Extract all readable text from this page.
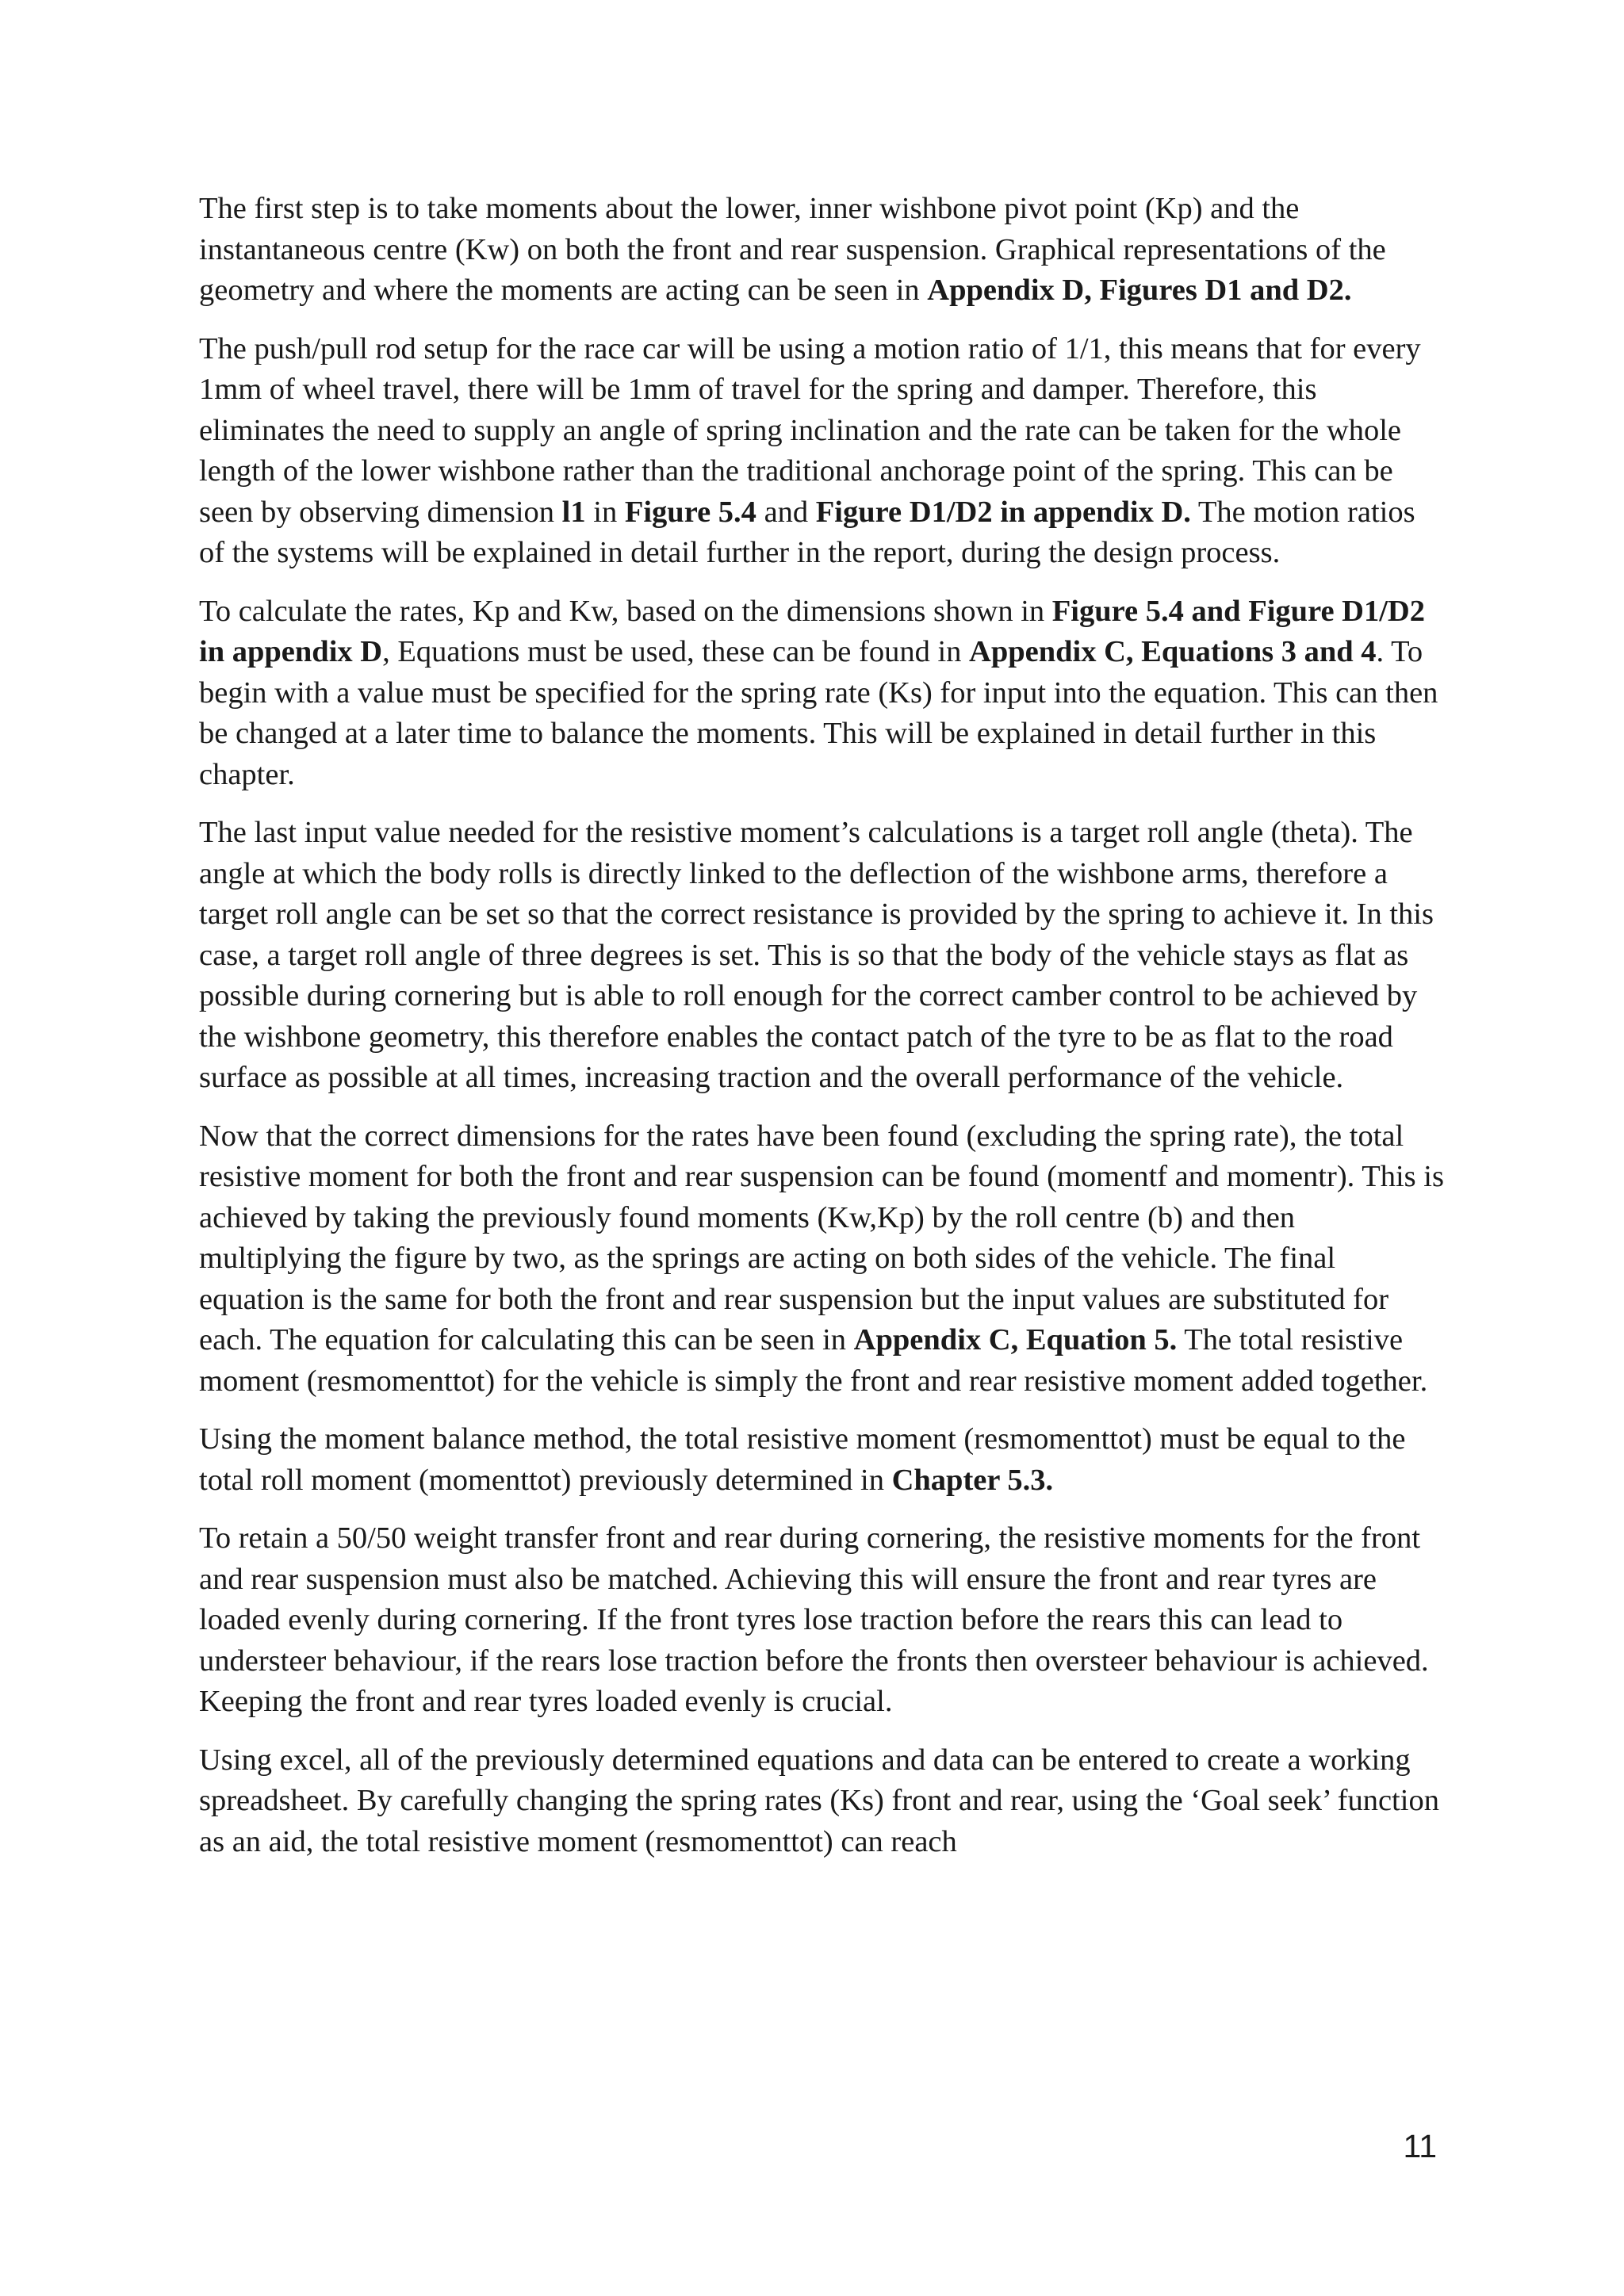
The first step is to take moments about the lower, inner wishbone pivot point (Kp) and the instantaneous centre (Kw) on both the front and rear suspension. Graphical representations of the geometry and where the moments are acting can be seen in Appendix D, Figures D1 and D2.

The push/pull rod setup for the race car will be using a motion ratio of 1/1, this means that for every 1mm of wheel travel, there will be 1mm of travel for the spring and damper. Therefore, this eliminates the need to supply an angle of spring inclination and the rate can be taken for the whole length of the lower wishbone rather than the traditional anchorage point of the spring. This can be seen by observing dimension l1 in Figure 5.4 and Figure D1/D2 in appendix D. The motion ratios of the systems will be explained in detail further in the report, during the design process.

To calculate the rates, Kp and Kw, based on the dimensions shown in Figure 5.4 and Figure D1/D2 in appendix D, Equations must be used, these can be found in Appendix C, Equations 3 and 4. To begin with a value must be specified for the spring rate (Ks) for input into the equation. This can then be changed at a later time to balance the moments. This will be explained in detail further in this chapter.

The last input value needed for the resistive moment’s calculations is a target roll angle (theta). The angle at which the body rolls is directly linked to the deflection of the wishbone arms, therefore a target roll angle can be set so that the correct resistance is provided by the spring to achieve it. In this case, a target roll angle of three degrees is set. This is so that the body of the vehicle stays as flat as possible during cornering but is able to roll enough for the correct camber control to be achieved by the wishbone geometry, this therefore enables the contact patch of the tyre to be as flat to the road surface as possible at all times, increasing traction and the overall performance of the vehicle.

Now that the correct dimensions for the rates have been found (excluding the spring rate), the total resistive moment for both the front and rear suspension can be found (momentf and momentr). This is achieved by taking the previously found moments (Kw,Kp) by the roll centre (b) and then multiplying the figure by two, as the springs are acting on both sides of the vehicle. The final equation is the same for both the front and rear suspension but the input values are substituted for each. The equation for calculating this can be seen in Appendix C, Equation 5. The total resistive moment (resmomenttot) for the vehicle is simply the front and rear resistive moment added together.

Using the moment balance method, the total resistive moment (resmomenttot) must be equal to the total roll moment (momenttot) previously determined in Chapter 5.3.

To retain a 50/50 weight transfer front and rear during cornering, the resistive moments for the front and rear suspension must also be matched. Achieving this will ensure the front and rear tyres are loaded evenly during cornering. If the front tyres lose traction before the rears this can lead to understeer behaviour, if the rears lose traction before the fronts then oversteer behaviour is achieved. Keeping the front and rear tyres loaded evenly is crucial.

Using excel, all of the previously determined equations and data can be entered to create a working spreadsheet. By carefully changing the spring rates (Ks) front and rear, using the ‘Goal seek’ function as an aid, the total resistive moment (resmomenttot) can reach

11
